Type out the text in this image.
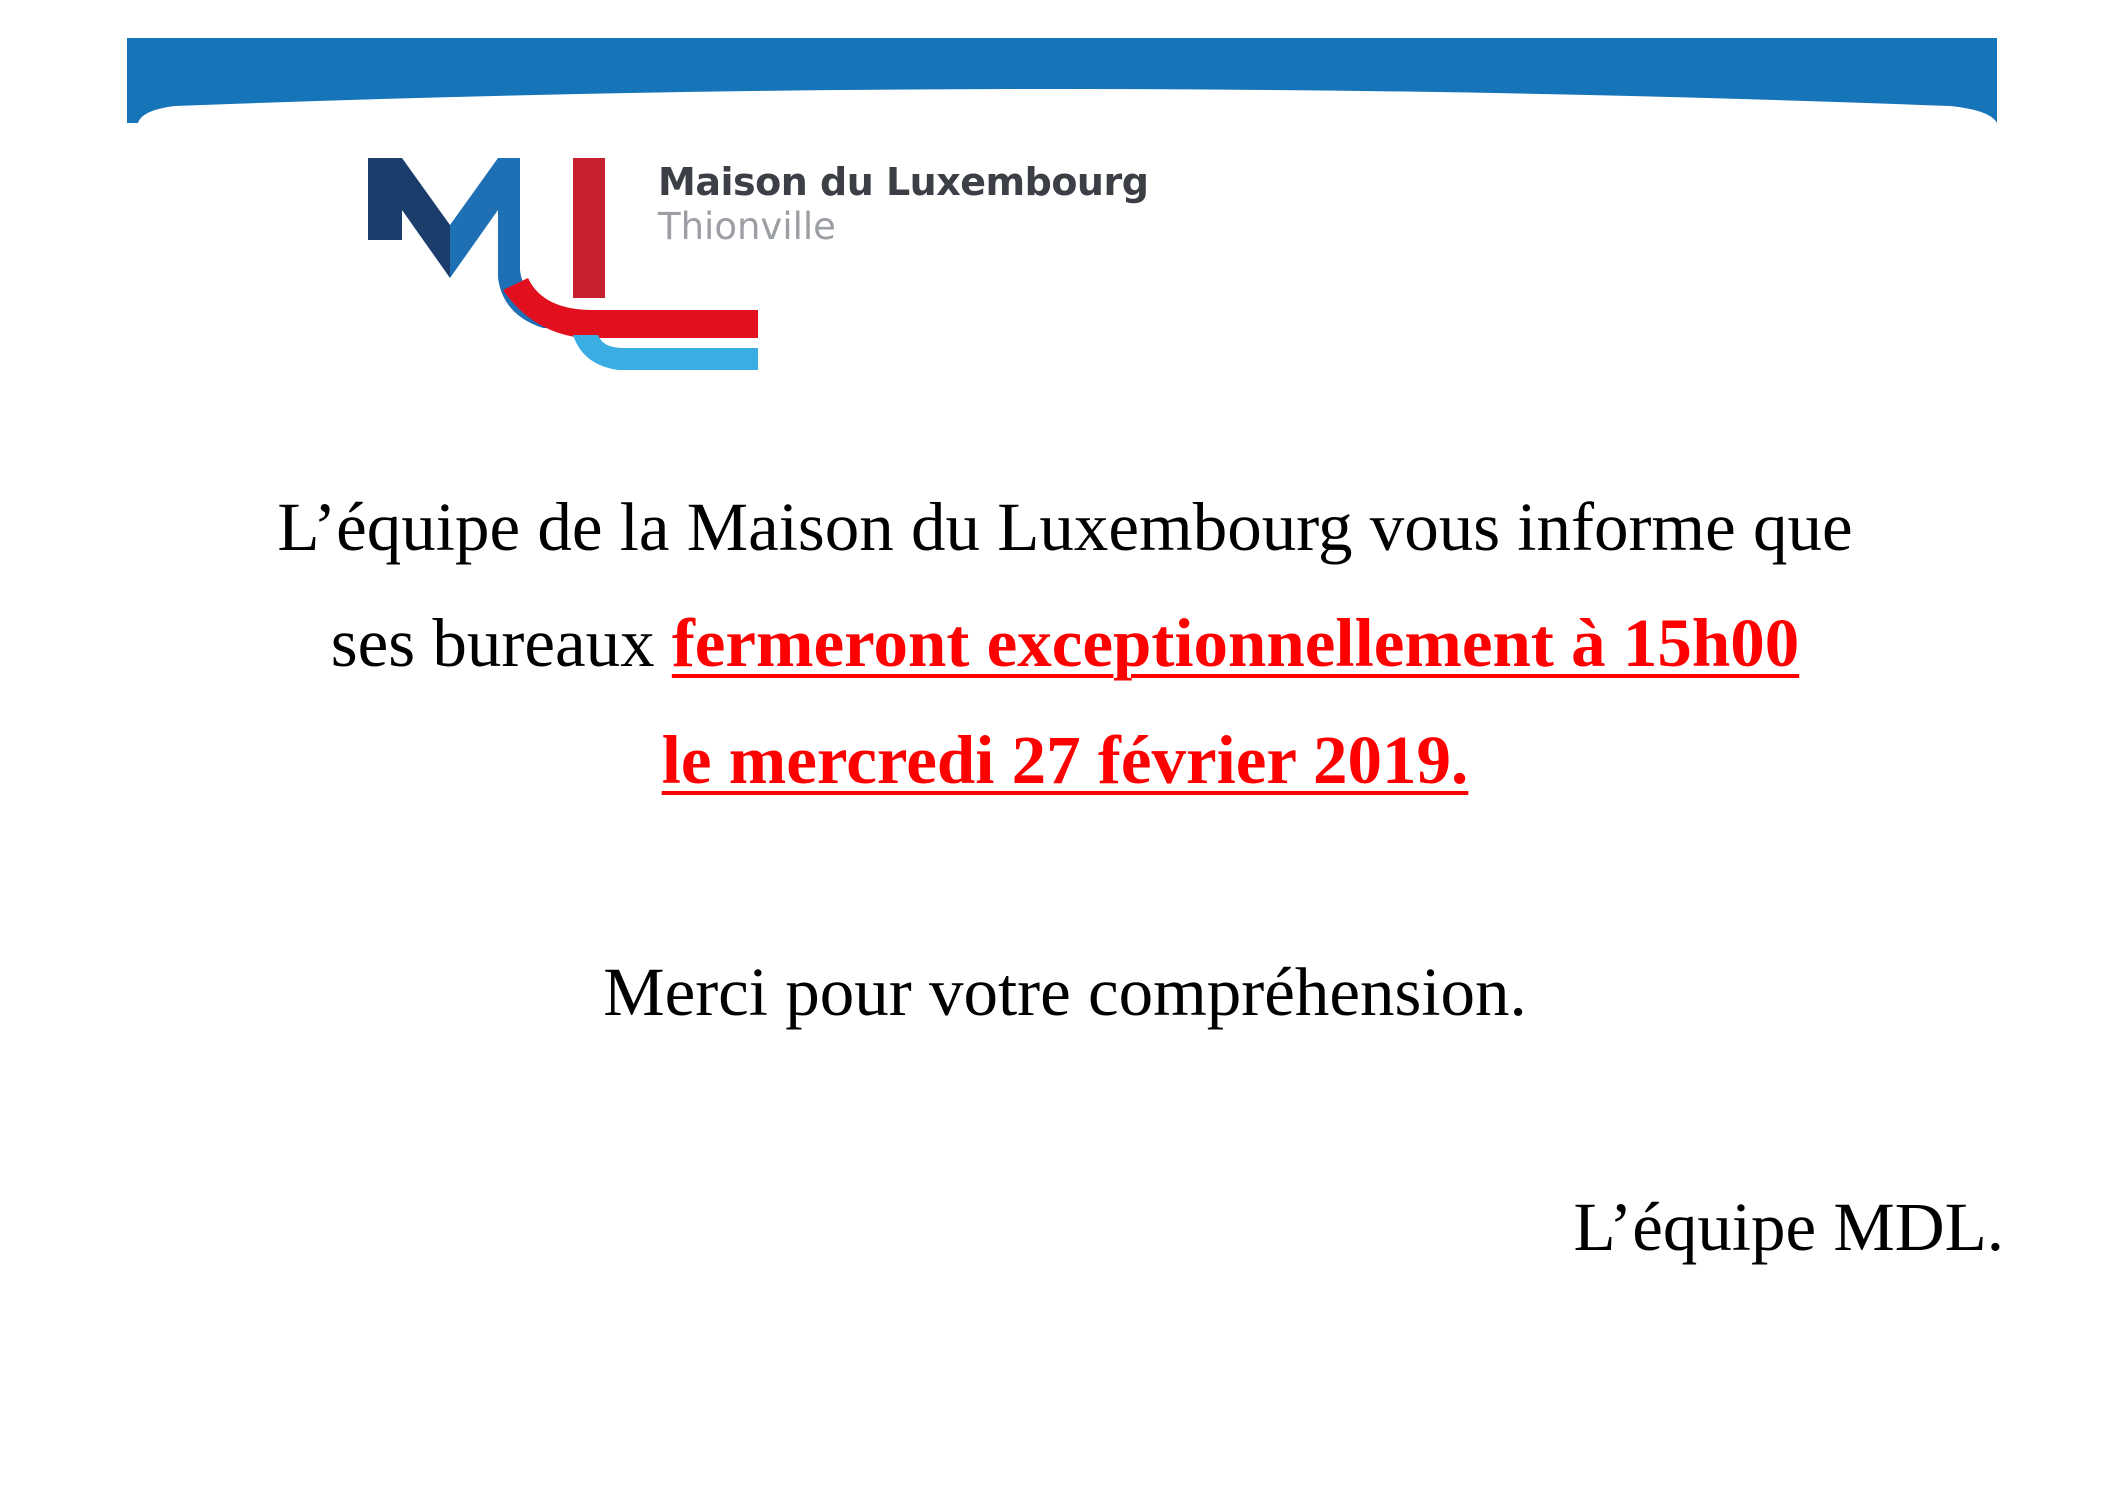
Maison du Luxembourg
Thionville
L’équipe de la Maison du Luxembourg vous informe que
ses bureaux fermeront exceptionnellement à 15h00
le mercredi 27 février 2019.
Merci pour votre compréhension.
L’équipe MDL.
